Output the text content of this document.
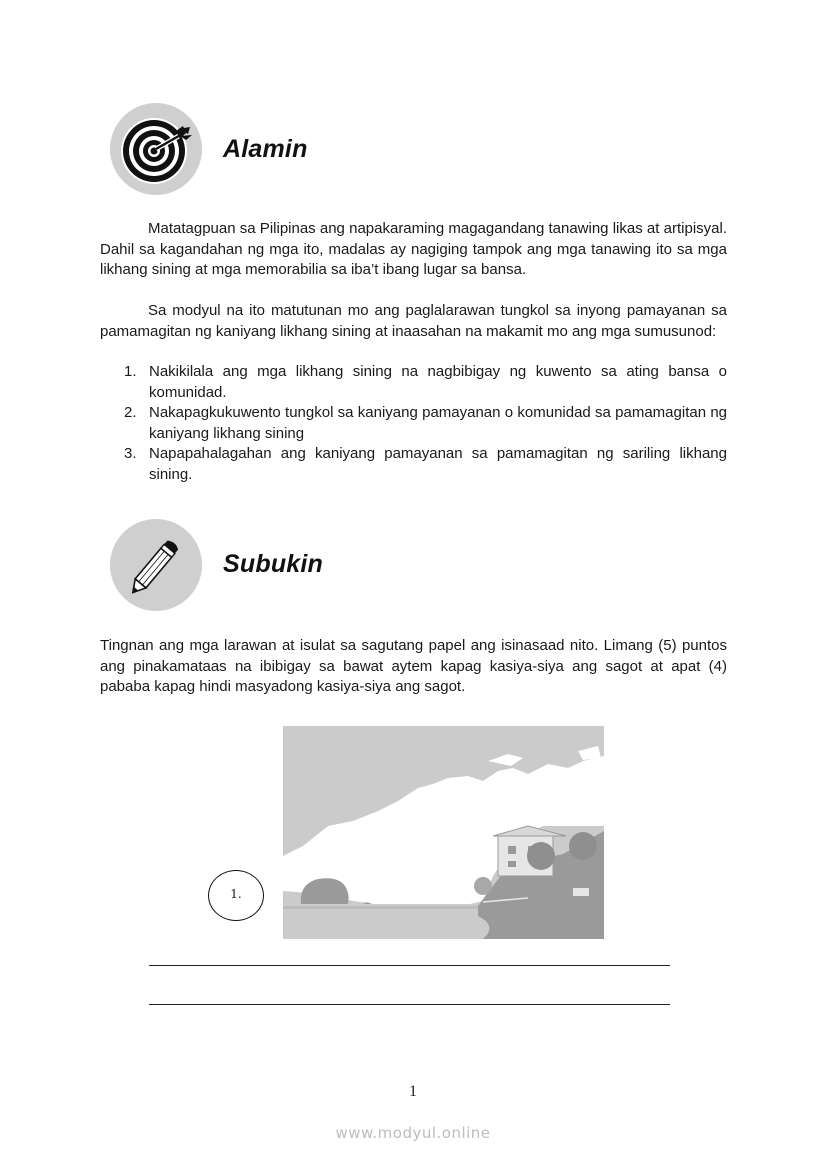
Alamin
Matatagpuan sa Pilipinas ang napakaraming magagandang tanawing likas at artipisyal. Dahil sa kagandahan ng mga ito, madalas ay nagiging tampok ang mga tanawing ito sa mga likhang sining at mga memorabilia sa iba’t ibang lugar sa bansa.
Sa modyul na ito matutunan mo ang paglalarawan tungkol sa inyong pamayanan sa pamamagitan ng kaniyang likhang sining at inaasahan na makamit mo ang mga sumusunod:
1. Nakikilala ang mga likhang sining na nagbibigay ng kuwento sa ating bansa o komunidad.
2. Nakapagkukuwento tungkol sa kaniyang pamayanan o komunidad sa pamamagitan ng kaniyang likhang sining
3. Napapahalagahan ang kaniyang pamayanan sa pamamagitan ng sariling likhang sining.
Subukin
Tingnan ang mga larawan at isulat sa sagutang papel ang isinasaad nito. Limang (5) puntos ang pinakamataas na ibibigay sa bawat aytem kapag kasiya-siya ang sagot at apat (4) pababa kapag hindi masyadong kasiya-siya ang sagot.
1.
1
www.modyul.online
